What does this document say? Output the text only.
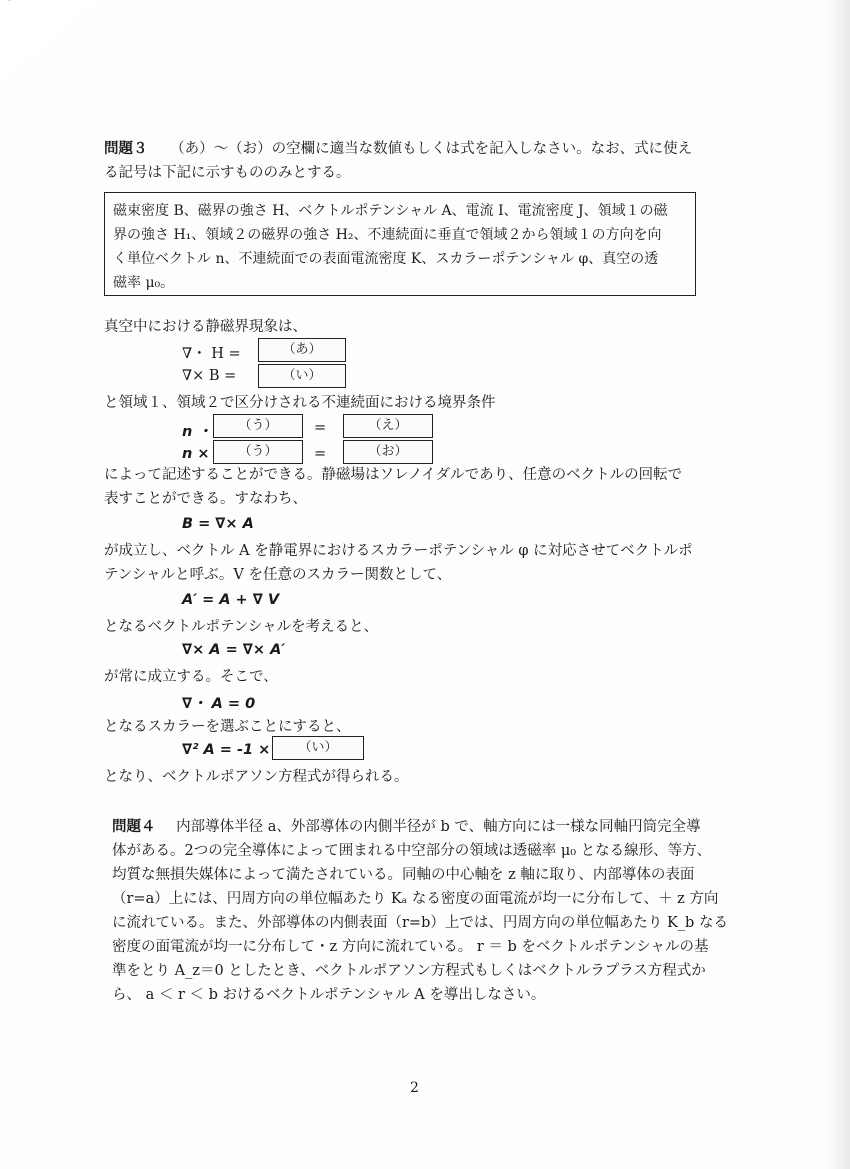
問題３ （あ）～（お）の空欄に適当な数値もしくは式を記入しなさい。なお、式に使え
る記号は下記に示すもののみとする。
磁束密度 B、磁界の強さ H、ベクトルポテンシャル A、電流 I、電流密度 J、領域１の磁
界の強さ H₁、領域２の磁界の強さ H₂、不連続面に垂直で領域２から領域１の方向を向
く単位ベクトル n、不連続面での表面電流密度 K、スカラーポテンシャル φ、真空の透
磁率 μ₀。
真空中における静磁界現象は、
∇・ H =	（あ）
∇× B =	（い）
と領域１、領域２で区分けされる不連続面における境界条件
n ・	（う）	=	（え）
n ×	（う）	=	（お）
によって記述することができる。静磁場はソレノイダルであり、任意のベクトルの回転で
表すことができる。すなわち、
B = ∇× A
が成立し、ベクトル A を静電界におけるスカラーポテンシャル φ に対応させてベクトルポ
テンシャルと呼ぶ。V を任意のスカラー関数として、
A′ = A + ∇ V
となるベクトルポテンシャルを考えると、
∇× A = ∇× A′
が常に成立する。そこで、
∇・ A = 0
となるスカラーを選ぶことにすると、
∇² A = -1 ×	（い）
となり、ベクトルポアソン方程式が得られる。
問題４ 内部導体半径 a、外部導体の内側半径が b で、軸方向には一様な同軸円筒完全導
体がある。2つの完全導体によって囲まれる中空部分の領域は透磁率 μ₀ となる線形、等方、
均質な無損失媒体によって満たされている。同軸の中心軸を z 軸に取り、内部導体の表面
（r=a）上には、円周方向の単位幅あたり Kₐ なる密度の面電流が均一に分布して、＋ z 方向
に流れている。また、外部導体の内側表面（r=b）上では、円周方向の単位幅あたり K_b なる
密度の面電流が均一に分布して・z 方向に流れている。 r ＝ b をベクトルポテンシャルの基
準をとり A_z＝0 としたとき、ベクトルポアソン方程式もしくはベクトルラプラス方程式か
ら、 a ＜ r ＜ b おけるベクトルポテンシャル A を導出しなさい。
2
